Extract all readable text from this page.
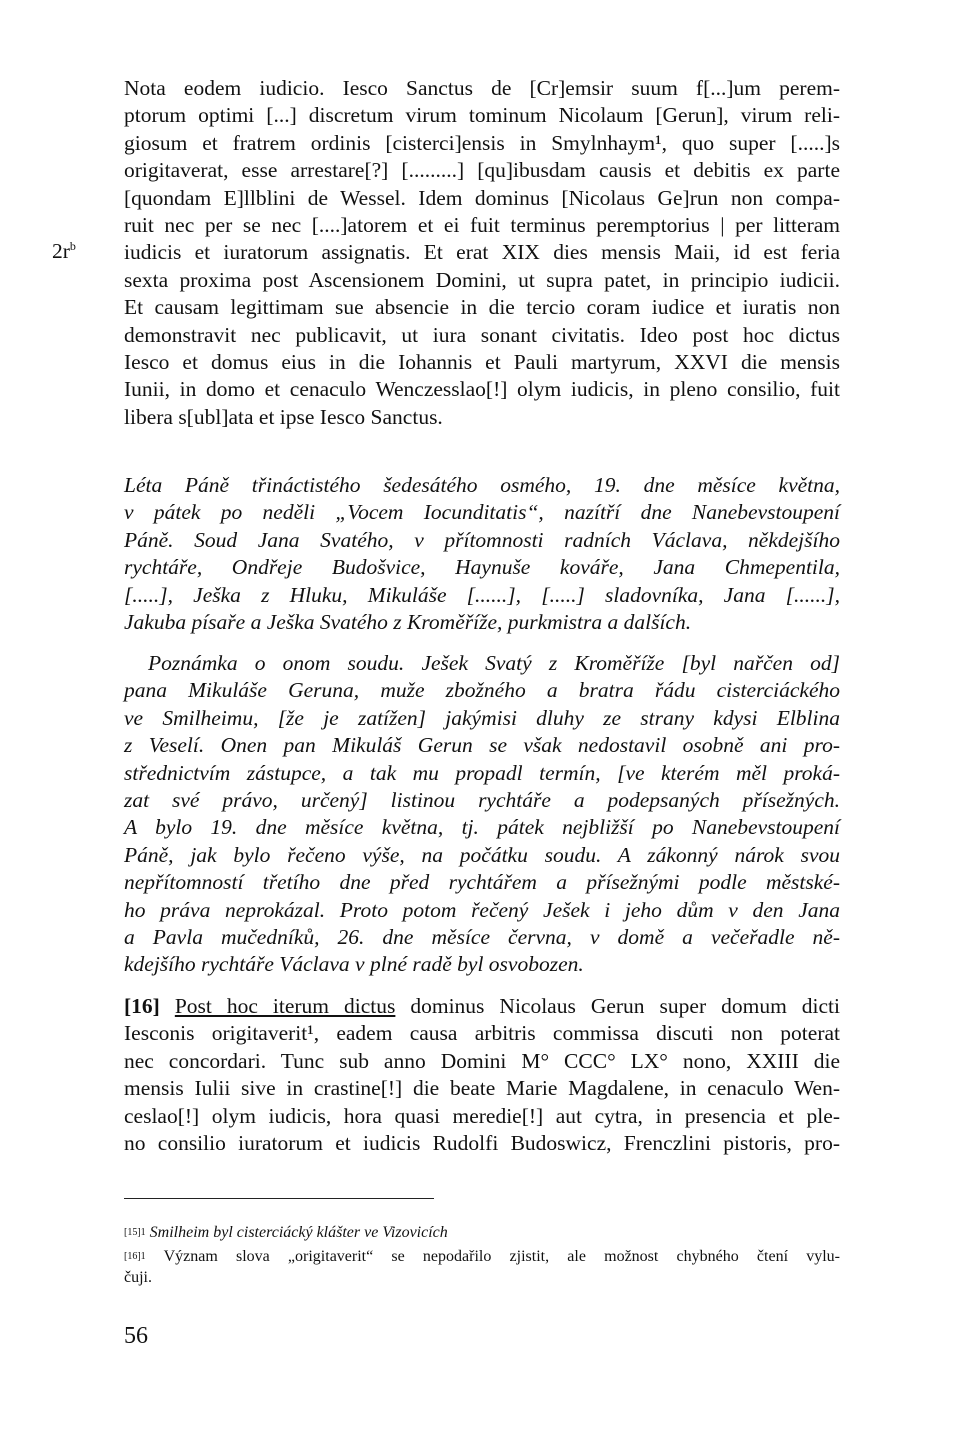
$2r^b$
Nota eodem iudicio. Iesco Sanctus de [Cr]emsir suum f[...]um perem-
ptorum optimi [...] discretum virum tominum Nicolaum [Gerun], virum reli-
giosum et fratrem ordinis [cisterci]ensis in Smylnhaym¹, quo super [.....]s
origitaverat, esse arrestare[?] [.........] [qu]ibusdam causis et debitis ex parte
[quondam E]llblini de Wessel. Idem dominus [Nicolaus Ge]run non compa-
ruit nec per se nec [....]atorem et ei fuit terminus peremptorius | per litteram
iudicis et iuratorum assignatis. Et erat XIX dies mensis Maii, id est feria
sexta proxima post Ascensionem Domini, ut supra patet, in principio iudicii.
Et causam legittimam sue absencie in die tercio coram iudice et iuratis non
demonstravit nec publicavit, ut iura sonant civitatis. Ideo post hoc dictus
Iesco et domus eius in die Iohannis et Pauli martyrum, XXVI die mensis
Iunii, in domo et cenaculo Wenczesslao[!] olym iudicis, in pleno consilio, fuit
libera s[ubl]ata et ipse Iesco Sanctus.
Léta Páně třináctistého šedesátého osmého, 19. dne měsíce května,
v pátek po neděli „Vocem Iocunditatis“, nazítří dne Nanebevstoupení
Páně. Soud Jana Svatého, v přítomnosti radních Václava, někdejšího
rychtáře, Ondřeje Budošvice, Haynuše kováře, Jana Chmepentila,
[.....], Ješka z Hluku, Mikuláše [......], [.....] sladovníka, Jana [......],
Jakuba písaře a Ješka Svatého z Kroměříže, purkmistra a dalších.
Poznámka o onom soudu. Ješek Svatý z Kroměříže [byl nařčen od]
pana Mikuláše Geruna, muže zbožného a bratra řádu cisterciáckého
ve Smilheimu, [že je zatížen] jakýmisi dluhy ze strany kdysi Elblina
z Veselí. Onen pan Mikuláš Gerun se však nedostavil osobně ani pro-
střednictvím zástupce, a tak mu propadl termín, [ve kterém měl proká-
zat své právo, určený] listinou rychtáře a podepsaných přísežných.
A bylo 19. dne měsíce května, tj. pátek nejbližší po Nanebevstoupení
Páně, jak bylo řečeno výše, na počátku soudu. A zákonný nárok svou
nepřítomností třetího dne před rychtářem a přísežnými podle městské-
ho práva neprokázal. Proto potom řečený Ješek i jeho dům v den Jana
a Pavla mučedníků, 26. dne měsíce června, v domě a večeřadle ně-
kdejšího rychtáře Václava v plné radě byl osvobozen.
[16] Post hoc iterum dictus dominus Nicolaus Gerun super domum dicti
Iesconis origitaverit¹, eadem causa arbitris commissa discuti non poterat
nec concordari. Tunc sub anno Domini M° CCC° LX° nono, XXIII die
mensis Iulii sive in crastine[!] die beate Marie Magdalene, in cenaculo Wen-
ceslao[!] olym iudicis, hora quasi meredie[!] aut cytra, in presencia et ple-
no consilio iuratorum et iudicis Rudolfi Budoswicz, Frenczlini pistoris, pro-
$^{[15]1}$ Smilheim byl cisterciácký klášter ve Vizovicích
$^{[16]1}$ Význam slova „origitaverit“ se nepodařilo zjistit, ale možnost chybného čtení vylu-
čuji.
56
